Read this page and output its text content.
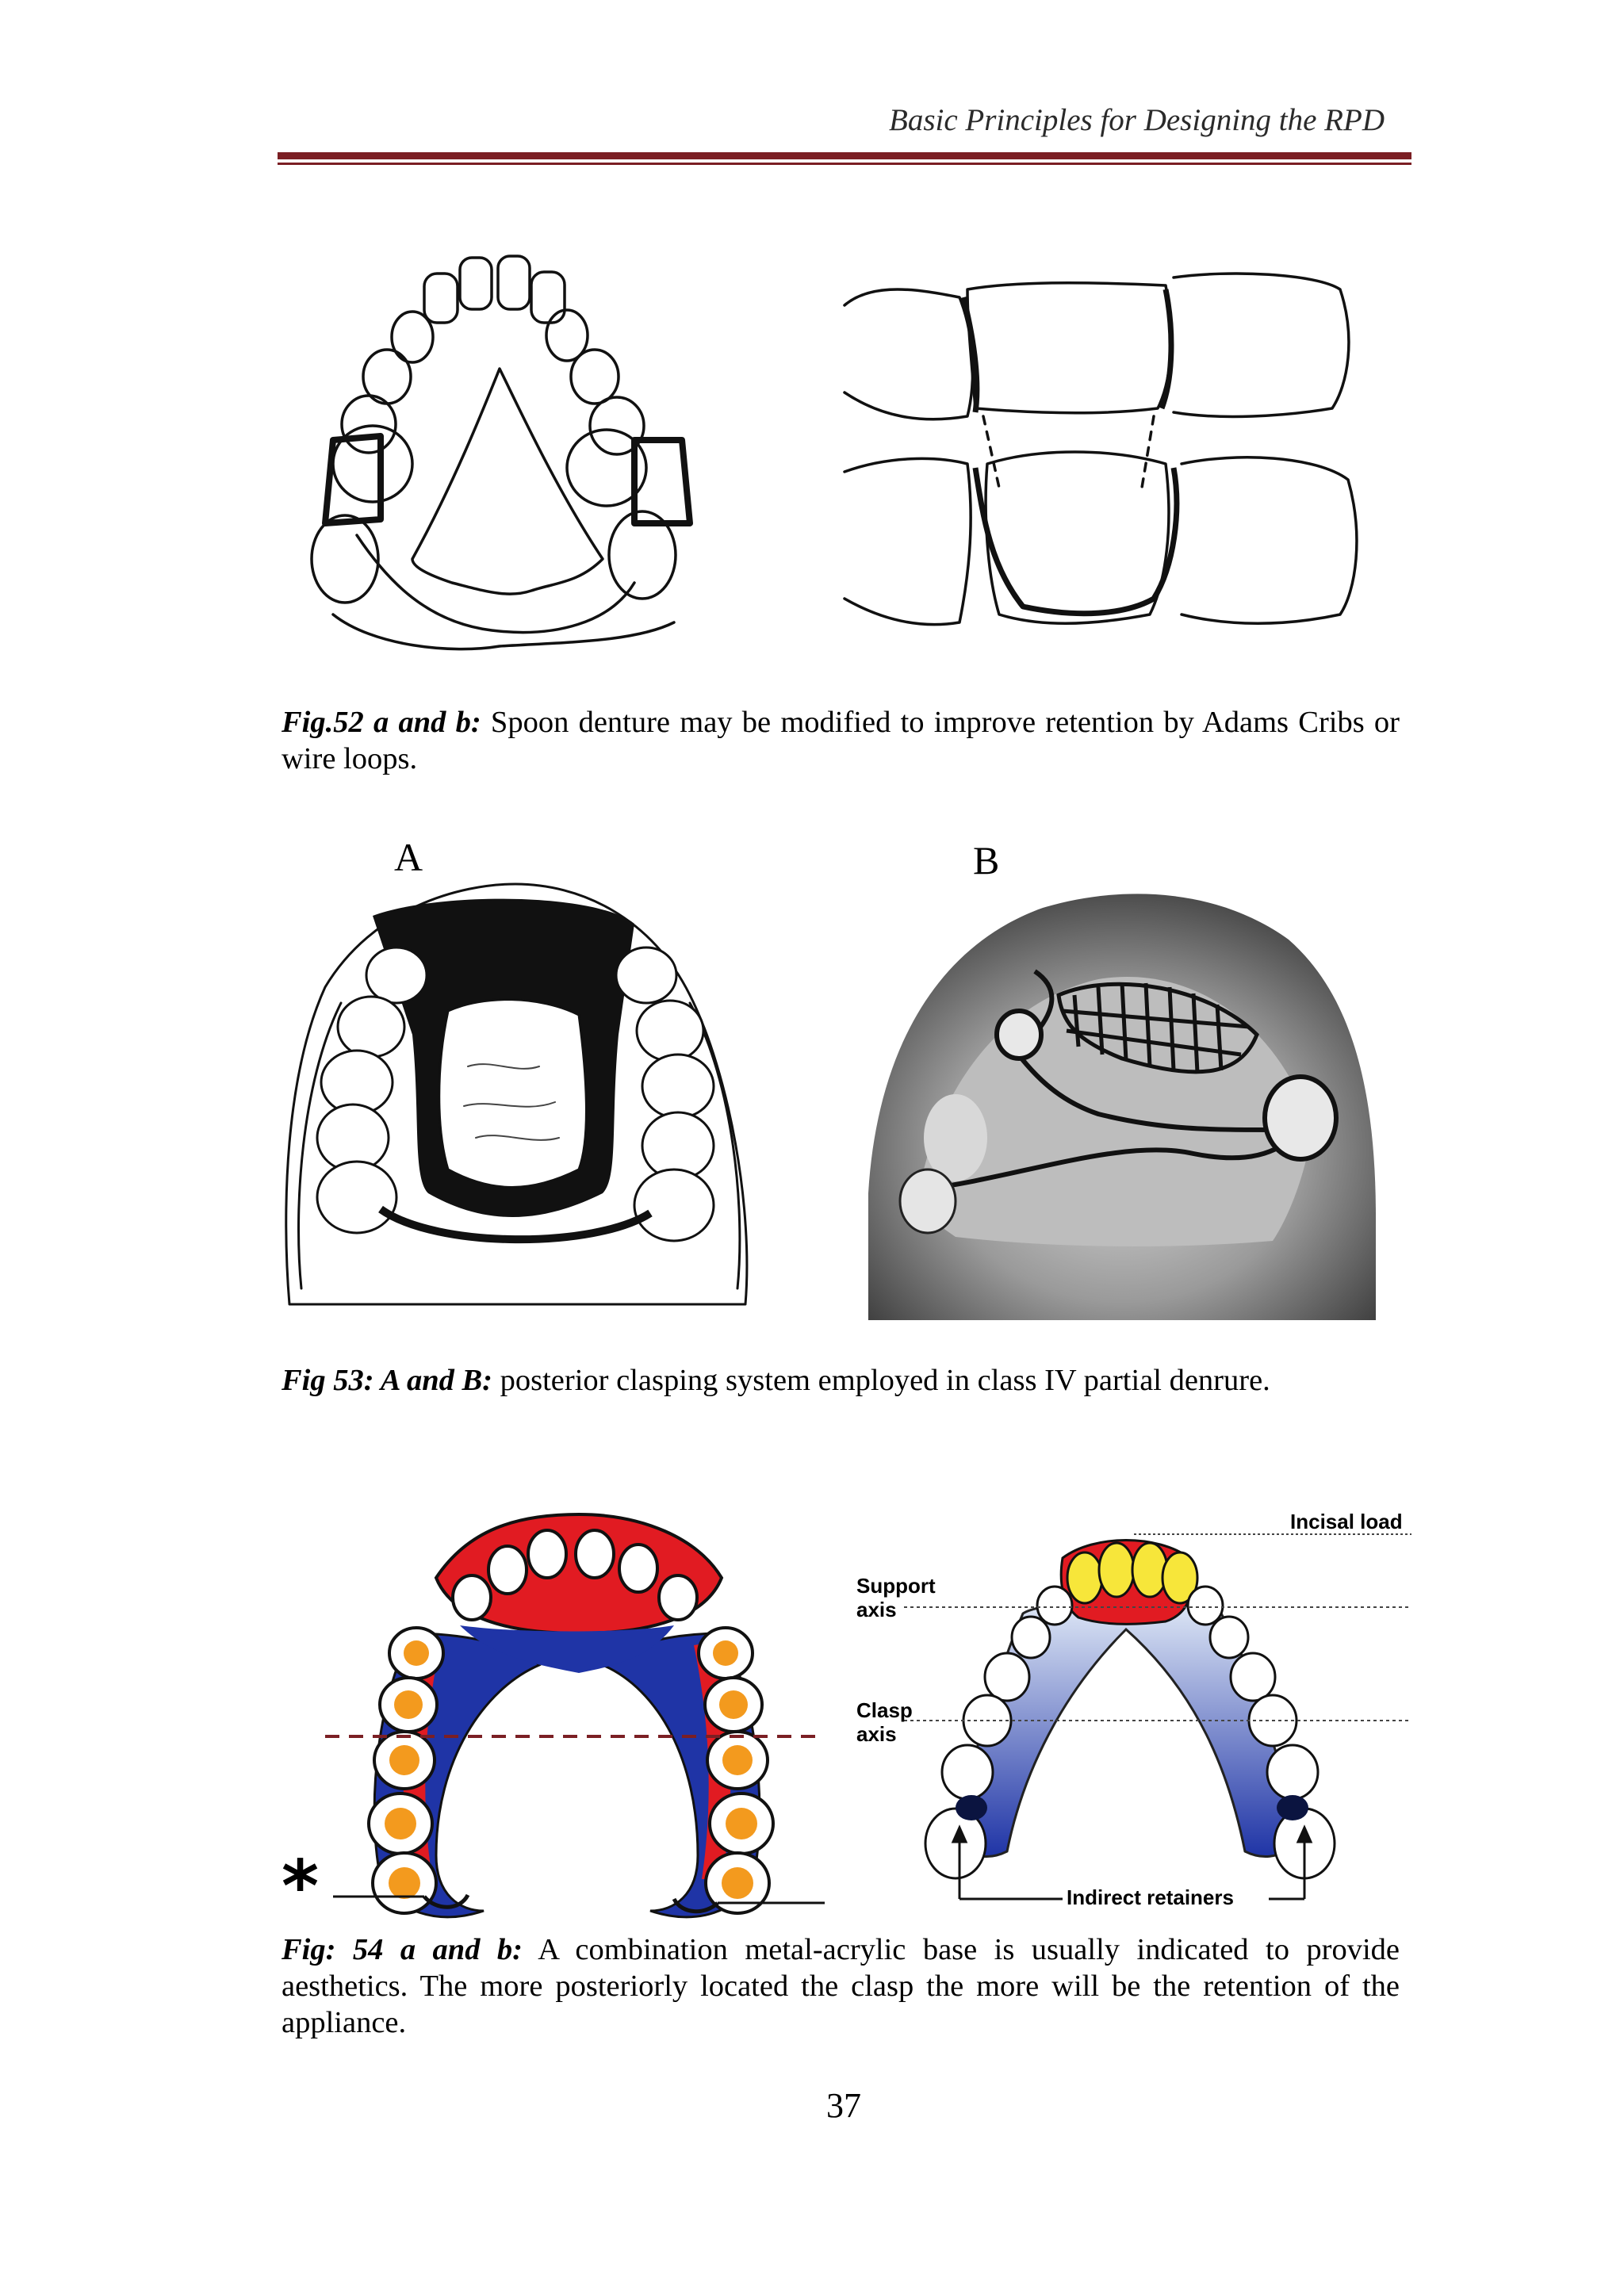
Basic Principles for Designing the RPD
Fig.52 a and b: Spoon denture may be modified to improve retention by Adams Cribs or wire loops.
A	B
Fig 53: A and B: posterior clasping system employed in class IV partial denrure.
*
Incisal load
Support
axis
Clasp
axis
Indirect retainers
Fig: 54 a and b: A combination metal-acrylic base is usually indicated to provide aesthetics. The more posteriorly located the clasp the more will be the retention of the appliance.
37
